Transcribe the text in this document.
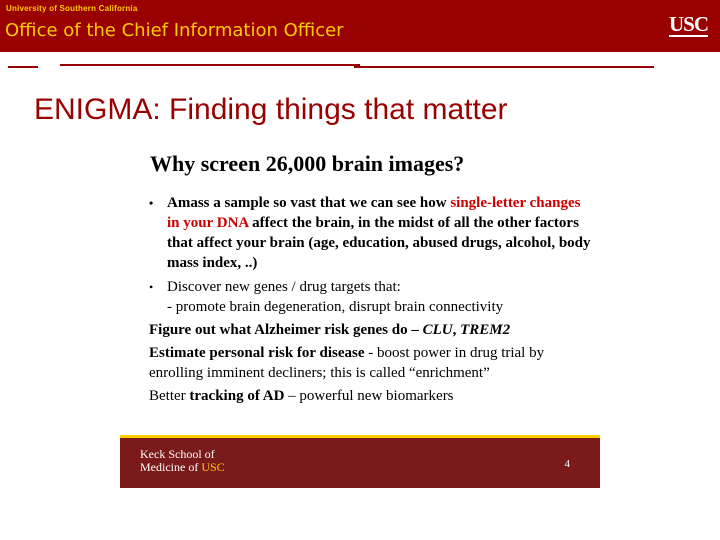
University of Southern California
Office of the Chief Information Officer	USC
ENIGMA: Finding things that matter
Why screen 26,000 brain images?
• Amass a sample so vast that we can see how single-letter changes in your DNA affect the brain, in the midst of all the other factors that affect your brain (age, education, abused drugs, alcohol, body mass index, ..)
• Discover new genes / drug targets that:
- promote brain degeneration, disrupt brain connectivity
Figure out what Alzheimer risk genes do – CLU, TREM2
Estimate personal risk for disease - boost power in drug trial by enrolling imminent decliners; this is called “enrichment”
Better tracking of AD – powerful new biomarkers
Keck School of
Medicine of USC	4
